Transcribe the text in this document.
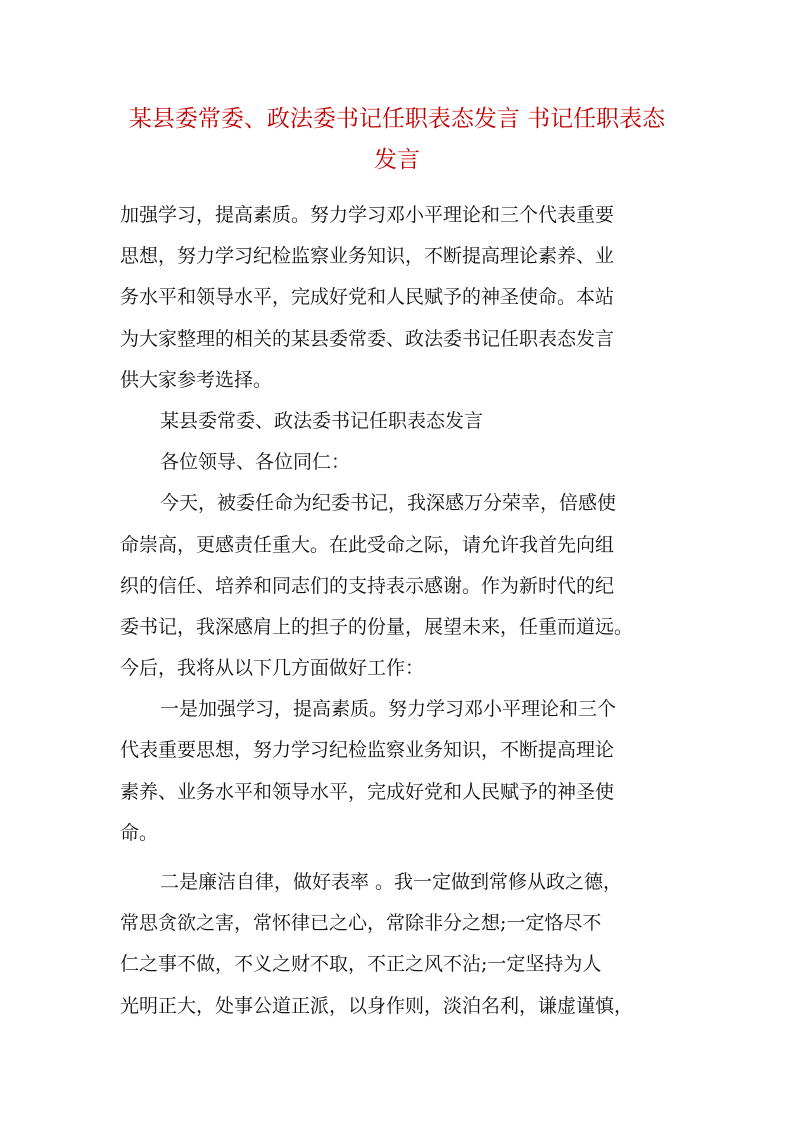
某县委常委、政法委书记任职表态发言 书记任职表态
发言
加强学习，提高素质。努力学习邓小平理论和三个代表重要
思想，努力学习纪检监察业务知识，不断提高理论素养、业
务水平和领导水平，完成好党和人民赋予的神圣使命。本站
为大家整理的相关的某县委常委、政法委书记任职表态发言
供大家参考选择。
某县委常委、政法委书记任职表态发言
各位领导、各位同仁：
今天，被委任命为纪委书记，我深感万分荣幸，倍感使
命崇高，更感责任重大。在此受命之际，请允许我首先向组
织的信任、培养和同志们的支持表示感谢。作为新时代的纪
委书记，我深感肩上的担子的份量，展望未来，任重而道远。
今后，我将从以下几方面做好工作：
一是加强学习，提高素质。努力学习邓小平理论和三个
代表重要思想，努力学习纪检监察业务知识，不断提高理论
素养、业务水平和领导水平，完成好党和人民赋予的神圣使
命。
二是廉洁自律，做好表率 。我一定做到常修从政之德，
常思贪欲之害，常怀律已之心，常除非分之想;一定恪尽不
仁之事不做，不义之财不取，不正之风不沾;一定坚持为人
光明正大，处事公道正派，以身作则，淡泊名利，谦虚谨慎，
